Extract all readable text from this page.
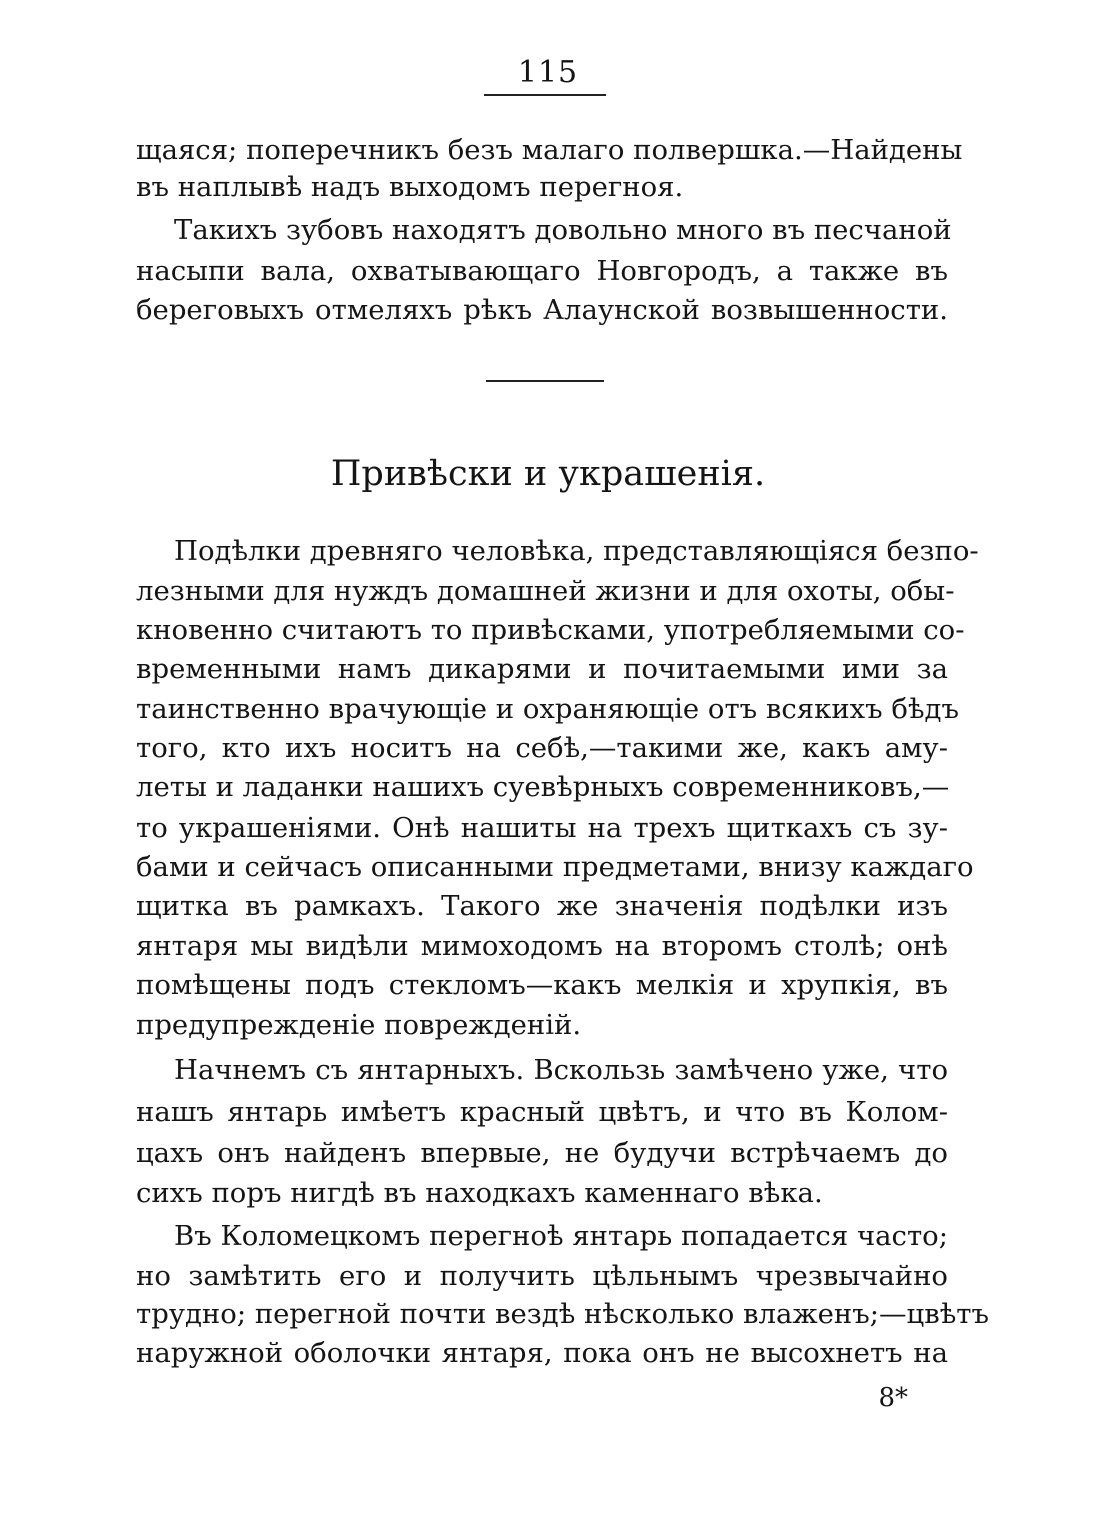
115
щаяся; поперечникъ безъ малаго полвершка.—Найдены
въ наплывѣ надъ выходомъ перегноя.
Такихъ зубовъ находятъ довольно много въ песчаной
насыпи вала, охватывающаго Новгородъ, а также въ
береговыхъ отмеляхъ рѣкъ Алаунской возвышенности.
Привѣски и украшенія.
Подѣлки древняго человѣка, представляющіяся безпо-
лезными для нуждъ домашней жизни и для охоты, обы-
кновенно считаютъ то привѣсками, употребляемыми со-
временными намъ дикарями и почитаемыми ими за
таинственно врачующіе и охраняющіе отъ всякихъ бѣдъ
того, кто ихъ носитъ на себѣ,—такими же, какъ аму-
леты и ладанки нашихъ суевѣрныхъ современниковъ,—
то украшеніями. Онѣ нашиты на трехъ щиткахъ съ зу-
бами и сейчасъ описанными предметами, внизу каждаго
щитка въ рамкахъ. Такого же значенія подѣлки изъ
янтаря мы видѣли мимоходомъ на второмъ столѣ; онѣ
помѣщены подъ стекломъ—какъ мелкія и хрупкія, въ
предупрежденіе поврежденій.
Начнемъ съ янтарныхъ. Вскользь замѣчено уже, что
нашъ янтарь имѣетъ красный цвѣтъ, и что въ Колом-
цахъ онъ найденъ впервые, не будучи встрѣчаемъ до
сихъ поръ нигдѣ въ находкахъ каменнаго вѣка.
Въ Коломецкомъ перегноѣ янтарь попадается часто;
но замѣтить его и получить цѣльнымъ чрезвычайно
трудно; перегной почти вездѣ нѣсколько влаженъ;—цвѣтъ
наружной оболочки янтаря, пока онъ не высохнетъ на
8*
